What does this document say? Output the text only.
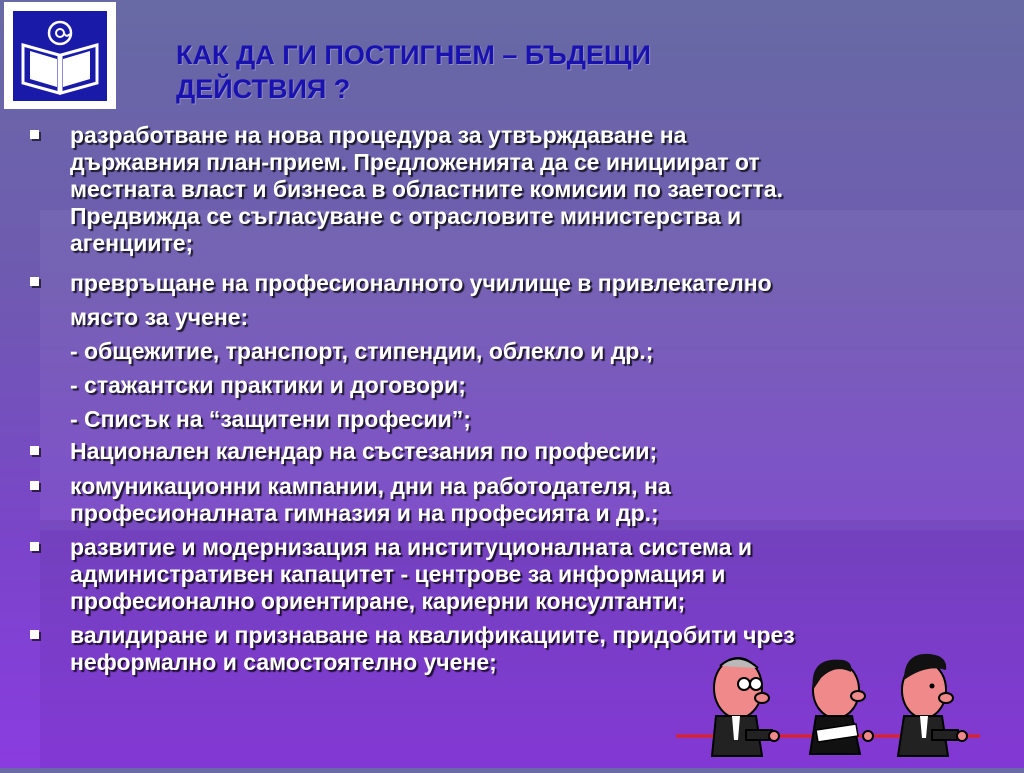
КАК ДА ГИ ПОСТИГНЕМ – БЪДЕЩИ
ДЕЙСТВИЯ ?
разработване на нова процедура за утвърждаване на
държавния план-прием. Предложенията да се инициират от
местната власт и бизнеса в областните комисии по заетостта.
Предвижда се съгласуване с отрасловите министерства и
агенциите;
превръщане на професионалното училище в привлекателно
място за учене:
- общежитие, транспорт, стипендии, облекло и др.;
- стажантски практики и договори;
- Списък на “защитени професии”;
Национален календар на състезания по професии;
комуникационни кампании, дни на работодателя, на
професионалната гимназия и на професията и др.;
развитие и модернизация на институционалната система и
административен капацитет - центрове за информация и
професионално ориентиране, кариерни консултанти;
валидиране и признаване на квалификациите, придобити чрез
неформално и самостоятелно учене;
